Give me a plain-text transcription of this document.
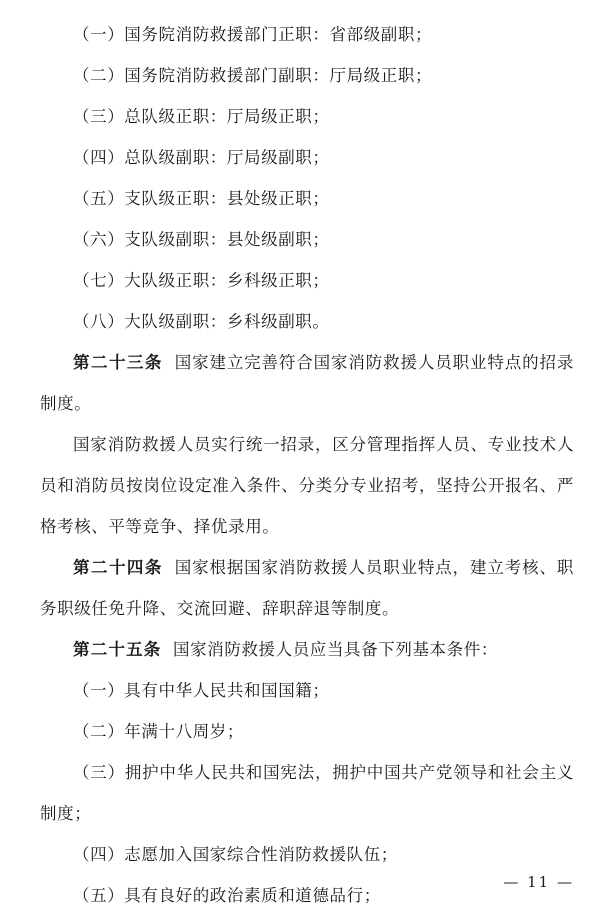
（一）国务院消防救援部门正职：省部级副职；

（二）国务院消防救援部门副职：厅局级正职；

（三）总队级正职：厅局级正职；

（四）总队级副职：厅局级副职；

（五）支队级正职：县处级正职；

（六）支队级副职：县处级副职；

（七）大队级正职：乡科级正职；

（八）大队级副职：乡科级副职。

第二十三条 国家建立完善符合国家消防救援人员职业特点的招录制度。

国家消防救援人员实行统一招录，区分管理指挥人员、专业技术人员和消防员按岗位设定准入条件、分类分专业招考，坚持公开报名、严格考核、平等竞争、择优录用。

第二十四条 国家根据国家消防救援人员职业特点，建立考核、职务职级任免升降、交流回避、辞职辞退等制度。

第二十五条 国家消防救援人员应当具备下列基本条件：

（一）具有中华人民共和国国籍；

（二）年满十八周岁；

（三）拥护中华人民共和国宪法，拥护中国共产党领导和社会主义制度；

（四）志愿加入国家综合性消防救援队伍；

（五）具有良好的政治素质和道德品行；

— 11 —
